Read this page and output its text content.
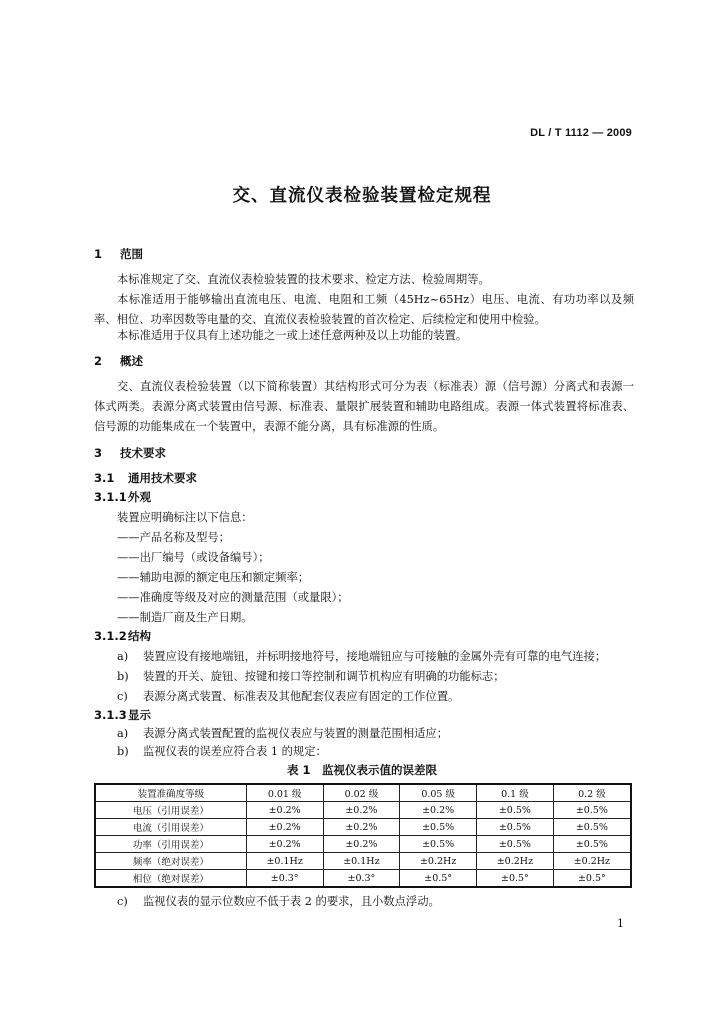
DL / T 1112 — 2009
交、直流仪表检验装置检定规程
1 范围
本标准规定了交、直流仪表检验装置的技术要求、检定方法、检验周期等。
本标准适用于能够输出直流电压、电流、电阻和工频（45Hz~65Hz）电压、电流、有功功率以及频率、相位、功率因数等电量的交、直流仪表检验装置的首次检定、后续检定和使用中检验。
本标准适用于仪具有上述功能之一或上述任意两种及以上功能的装置。
2 概述
交、直流仪表检验装置（以下简称装置）其结构形式可分为表（标准表）源（信号源）分离式和表源一体式两类。表源分离式装置由信号源、标准表、量限扩展装置和辅助电路组成。表源一体式装置将标准表、信号源的功能集成在一个装置中，表源不能分离，具有标准源的性质。
3 技术要求
3.1 通用技术要求
3.1.1外观
装置应明确标注以下信息：
——产品名称及型号；
——出厂编号（或设备编号）；
——辅助电源的额定电压和额定频率；
——准确度等级及对应的测量范围（或量限）；
——制造厂商及生产日期。
3.1.2结构
a) 装置应设有接地端钮，并标明接地符号，接地端钮应与可接触的金属外壳有可靠的电气连接；
b) 装置的开关、旋钮、按键和接口等控制和调节机构应有明确的功能标志；
c) 表源分离式装置、标准表及其他配套仪表应有固定的工作位置。
3.1.3显示
a) 表源分离式装置配置的监视仪表应与装置的测量范围相适应；
b) 监视仪表的误差应符合表 1 的规定：
表 1　监视仪表示值的误差限
装置准确度等级	0.01 级	0.02 级	0.05 级	0.1 级	0.2 级
电压（引用误差）	±0.2%	±0.2%	±0.2%	±0.5%	±0.5%
电流（引用误差）	±0.2%	±0.2%	±0.5%	±0.5%	±0.5%
功率（引用误差）	±0.2%	±0.2%	±0.5%	±0.5%	±0.5%
频率（绝对误差）	±0.1Hz	±0.1Hz	±0.2Hz	±0.2Hz	±0.2Hz
相位（绝对误差）	±0.3°	±0.3°	±0.5°	±0.5°	±0.5°
c) 监视仪表的显示位数应不低于表 2 的要求，且小数点浮动。
1
